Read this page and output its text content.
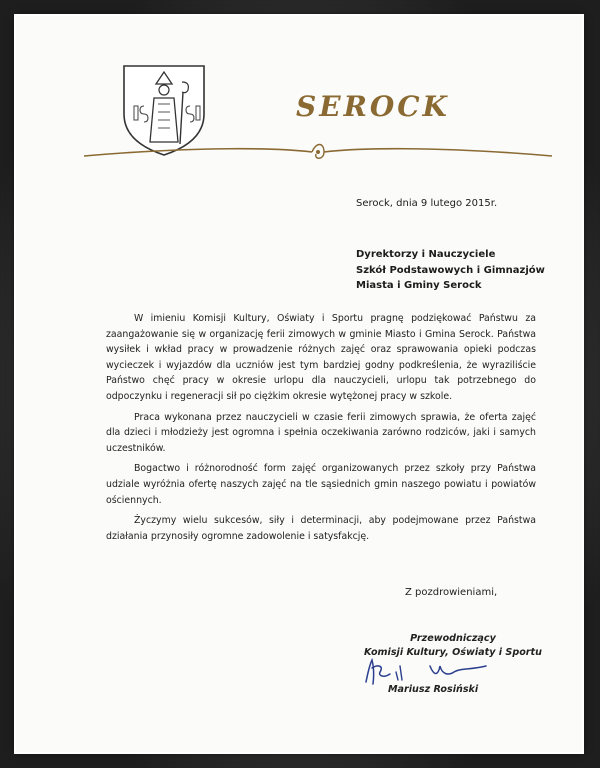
SEROCK
Serock, dnia 9 lutego 2015r.
Dyrektorzy i Nauczyciele
Szkół Podstawowych i Gimnazjów
Miasta i Gminy Serock

W imieniu Komisji Kultury, Oświaty i Sportu pragnę podziękować Państwu za zaangażowanie się w organizację ferii zimowych w gminie Miasto i Gmina Serock. Państwa wysiłek i wkład pracy w prowadzenie różnych zajęć oraz sprawowania opieki podczas wycieczek i wyjazdów dla uczniów jest tym bardziej godny podkreślenia, że wyraziliście Państwo chęć pracy w okresie urlopu dla nauczycieli, urlopu tak potrzebnego do odpoczynku i regeneracji sił po ciężkim okresie wytężonej pracy w szkole.

Praca wykonana przez nauczycieli w czasie ferii zimowych sprawia, że oferta zajęć dla dzieci i młodzieży jest ogromna i spełnia oczekiwania zarówno rodziców, jaki i samych uczestników.

Bogactwo i różnorodność form zajęć organizowanych przez szkoły przy Państwa udziale wyróżnia ofertę naszych zajęć na tle sąsiednich gmin naszego powiatu i powiatów ościennych.

Życzymy wielu sukcesów, siły i determinacji, aby podejmowane przez Państwa działania przynosiły ogromne zadowolenie i satysfakcję.

Z pozdrowieniami,
Przewodniczący
Komisji Kultury, Oświaty i Sportu
Mariusz Rosiński
